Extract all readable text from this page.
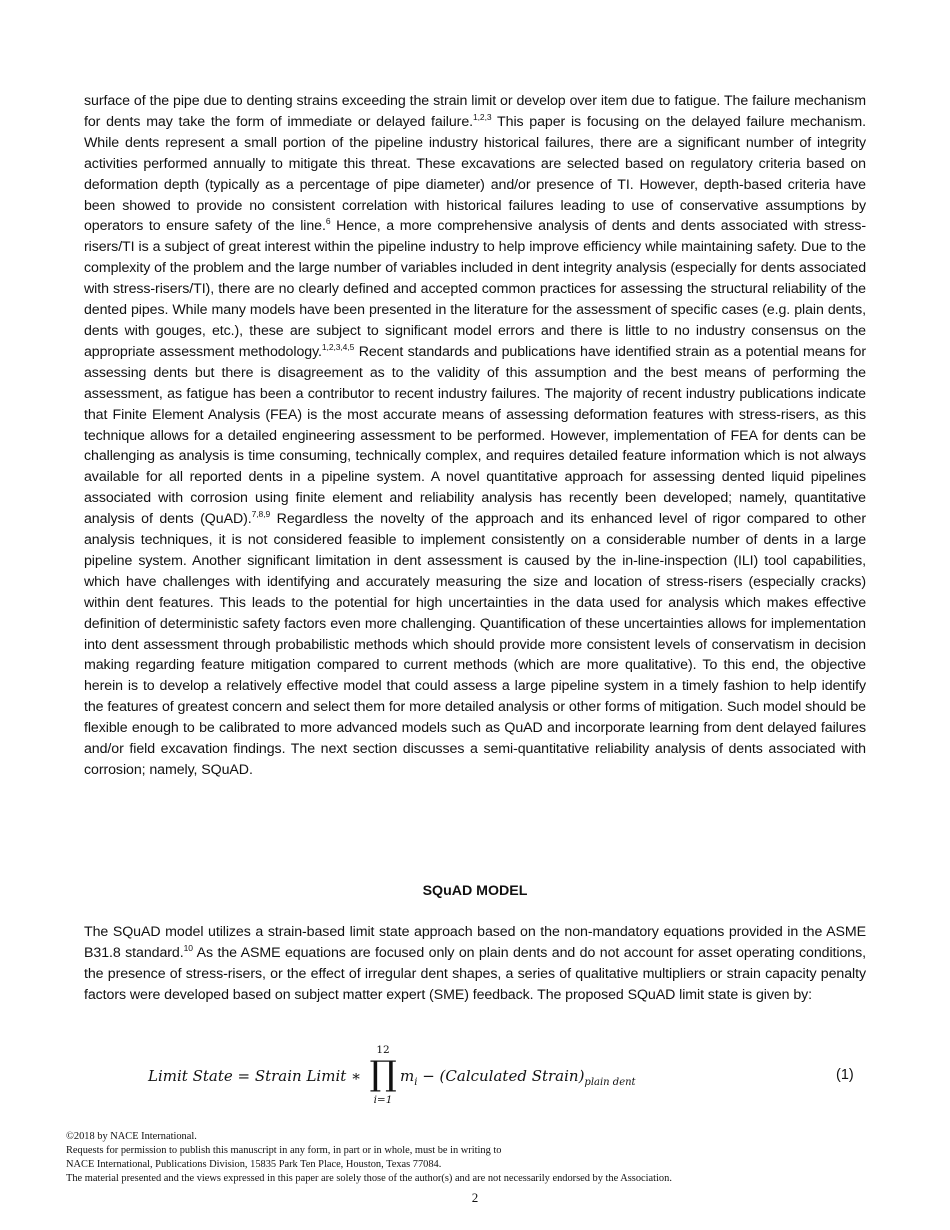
surface of the pipe due to denting strains exceeding the strain limit or develop over item due to fatigue. The failure mechanism for dents may take the form of immediate or delayed failure.$^{1,2,3}$ This paper is focusing on the delayed failure mechanism. While dents represent a small portion of the pipeline industry historical failures, there are a significant number of integrity activities performed annually to mitigate this threat. These excavations are selected based on regulatory criteria based on deformation depth (typically as a percentage of pipe diameter) and/or presence of TI. However, depth-based criteria have been showed to provide no consistent correlation with historical failures leading to use of conservative assumptions by operators to ensure safety of the line.$^6$ Hence, a more comprehensive analysis of dents and dents associated with stress-risers/TI is a subject of great interest within the pipeline industry to help improve efficiency while maintaining safety. Due to the complexity of the problem and the large number of variables included in dent integrity analysis (especially for dents associated with stress-risers/TI), there are no clearly defined and accepted common practices for assessing the structural reliability of the dented pipes. While many models have been presented in the literature for the assessment of specific cases (e.g. plain dents, dents with gouges, etc.), these are subject to significant model errors and there is little to no industry consensus on the appropriate assessment methodology.$^{1,2,3,4,5}$ Recent standards and publications have identified strain as a potential means for assessing dents but there is disagreement as to the validity of this assumption and the best means of performing the assessment, as fatigue has been a contributor to recent industry failures. The majority of recent industry publications indicate that Finite Element Analysis (FEA) is the most accurate means of assessing deformation features with stress-risers, as this technique allows for a detailed engineering assessment to be performed. However, implementation of FEA for dents can be challenging as analysis is time consuming, technically complex, and requires detailed feature information which is not always available for all reported dents in a pipeline system. A novel quantitative approach for assessing dented liquid pipelines associated with corrosion using finite element and reliability analysis has recently been developed; namely, quantitative analysis of dents (QuAD).$^{7,8,9}$ Regardless the novelty of the approach and its enhanced level of rigor compared to other analysis techniques, it is not considered feasible to implement consistently on a considerable number of dents in a large pipeline system. Another significant limitation in dent assessment is caused by the in-line-inspection (ILI) tool capabilities, which have challenges with identifying and accurately measuring the size and location of stress-risers (especially cracks) within dent features. This leads to the potential for high uncertainties in the data used for analysis which makes effective definition of deterministic safety factors even more challenging. Quantification of these uncertainties allows for implementation into dent assessment through probabilistic methods which should provide more consistent levels of conservatism in decision making regarding feature mitigation compared to current methods (which are more qualitative). To this end, the objective herein is to develop a relatively effective model that could assess a large pipeline system in a timely fashion to help identify the features of greatest concern and select them for more detailed analysis or other forms of mitigation. Such model should be flexible enough to be calibrated to more advanced models such as QuAD and incorporate learning from dent delayed failures and/or field excavation findings. The next section discusses a semi-quantitative reliability analysis of dents associated with corrosion; namely, SQuAD.

SQuAD MODEL

The SQuAD model utilizes a strain-based limit state approach based on the non-mandatory equations provided in the ASME B31.8 standard.$^{10}$ As the ASME equations are focused only on plain dents and do not account for asset operating conditions, the presence of stress-risers, or the effect of irregular dent shapes, a series of qualitative multipliers or strain capacity penalty factors were developed based on subject matter expert (SME) feedback. The proposed SQuAD limit state is given by:

Limit State = Strain Limit ∗
12
∏
i=1
$m_i$ − (Calculated $Strain)_{plain dent}$	(1)
©2018 by NACE International.
Requests for permission to publish this manuscript in any form, in part or in whole, must be in writing to
NACE International, Publications Division, 15835 Park Ten Place, Houston, Texas 77084.
The material presented and the views expressed in this paper are solely those of the author(s) and are not necessarily endorsed by the Association.
2
